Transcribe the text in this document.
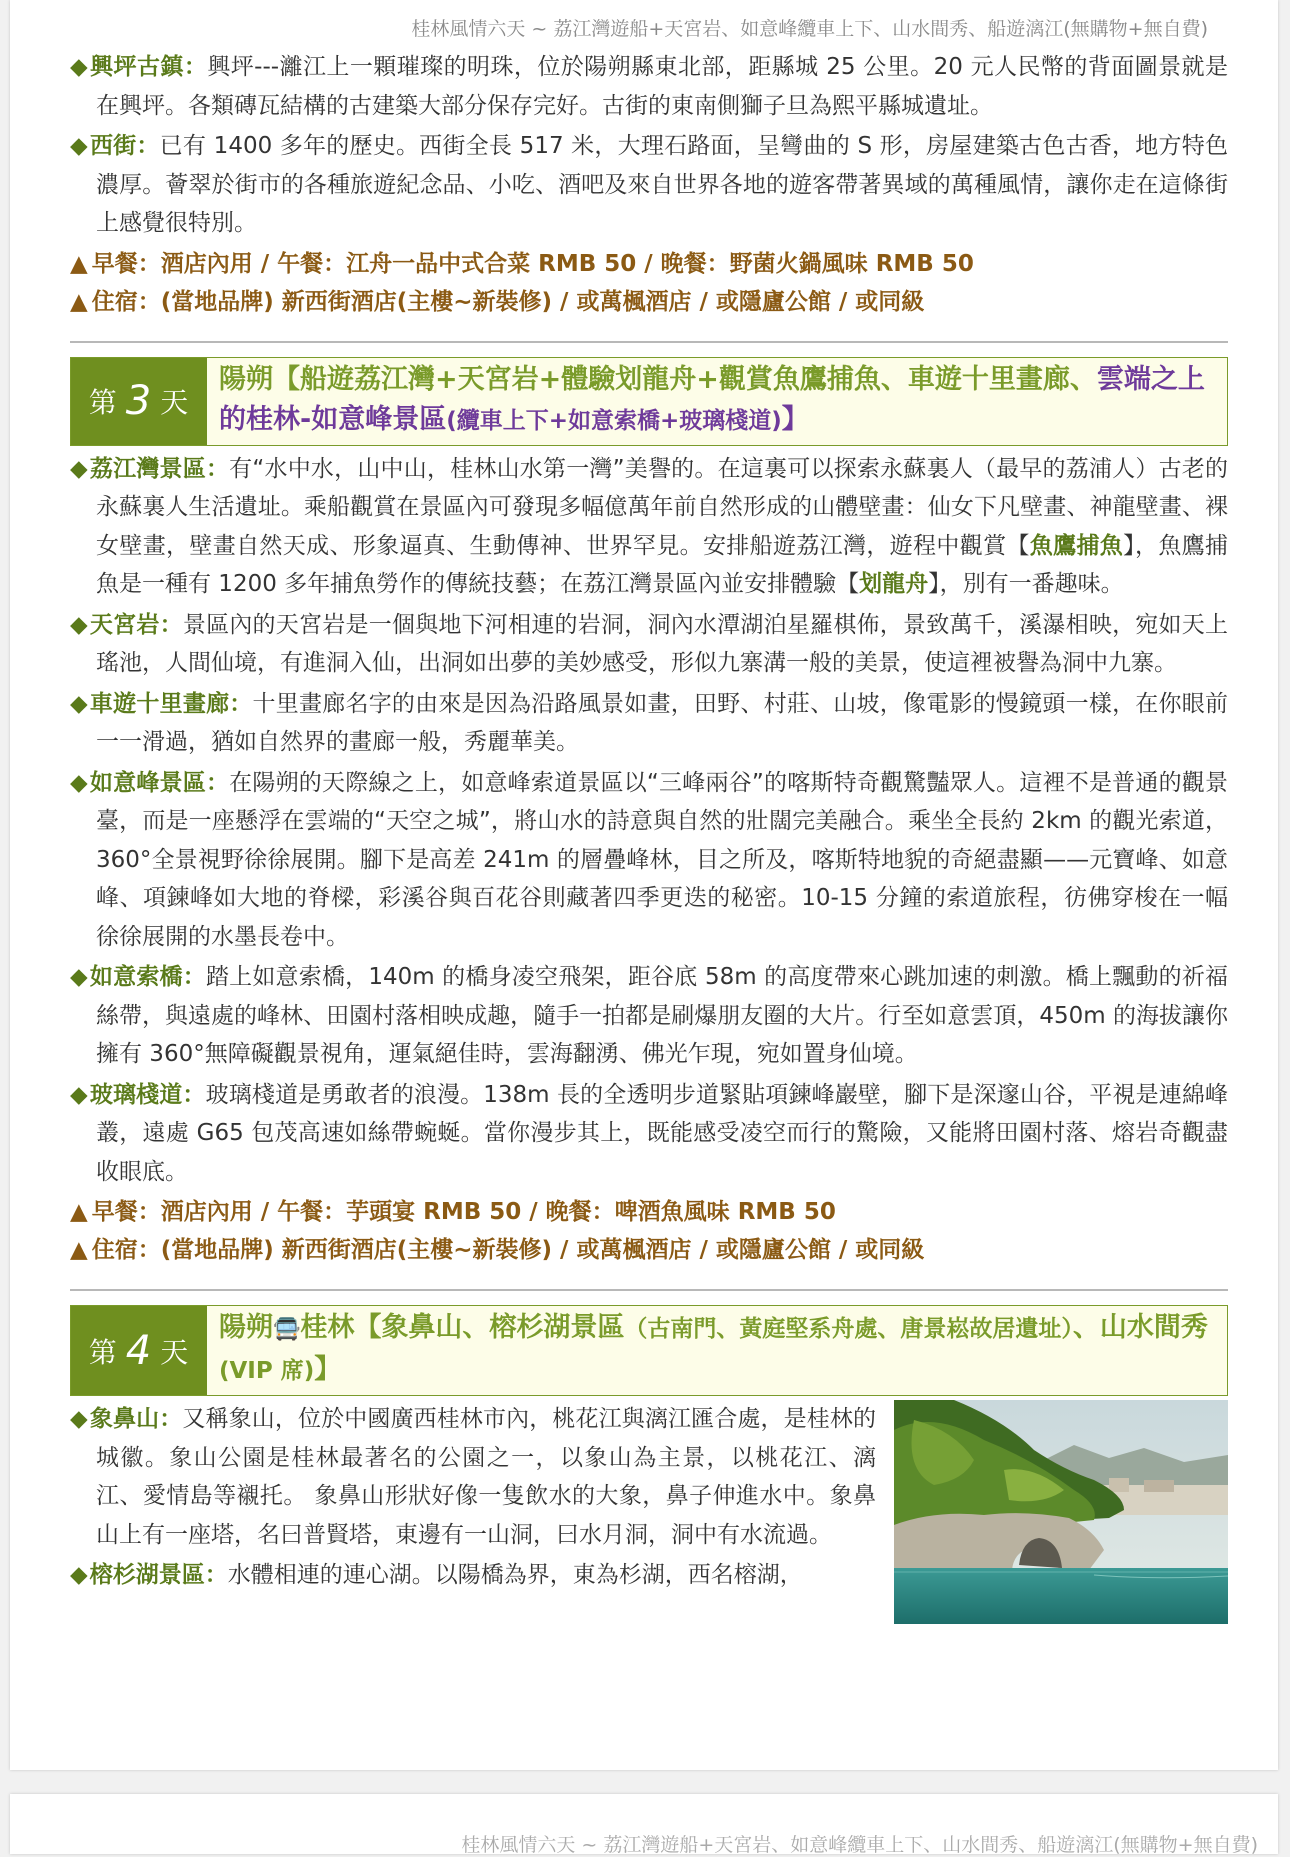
桂林風情六天 ~ 荔江灣遊船+天宮岩、如意峰纜車上下、山水間秀、船遊漓江(無購物+無自費)

◆興坪古鎮：興坪---灕江上一顆璀璨的明珠，位於陽朔縣東北部，距縣城 25 公里。20 元人民幣的背面圖景就是在興坪。各類磚瓦結構的古建築大部分保存完好。古街的東南側獅子旦為熙平縣城遺址。

◆西街：已有 1400 多年的歷史。西街全長 517 米，大理石路面，呈彎曲的 S 形，房屋建築古色古香，地方特色濃厚。薈翠於街市的各種旅遊紀念品、小吃、酒吧及來自世界各地的遊客帶著異域的萬種風情，讓你走在這條街上感覺很特別。

▲ 早餐：酒店內用 / 午餐：江舟一品中式合菜 RMB 50 / 晚餐：野菌火鍋風味 RMB 50

▲ 住宿：(當地品牌) 新西街酒店(主樓~新裝修) / 或萬楓酒店 / 或隱廬公館 / 或同級

第 3 天
陽朔【船遊荔江灣+天宮岩+體驗划龍舟+觀賞魚鷹捕魚、車遊十里畫廊、雲端之上的桂林-如意峰景區(纜車上下+如意索橋+玻璃棧道)】

◆荔江灣景區：有“水中水，山中山，桂林山水第一灣”美譽的。在這裏可以探索永蘇裏人（最早的荔浦人）古老的永蘇裏人生活遺址。乘船觀賞在景區內可發現多幅億萬年前自然形成的山體壁畫：仙女下凡壁畫、神龍壁畫、裸女壁畫，壁畫自然天成、形象逼真、生動傳神、世界罕見。安排船遊荔江灣，遊程中觀賞【魚鷹捕魚】，魚鷹捕魚是一種有 1200 多年捕魚勞作的傳統技藝；在荔江灣景區內並安排體驗【划龍舟】，別有一番趣味。

◆天宮岩：景區內的天宮岩是一個與地下河相連的岩洞，洞內水潭湖泊星羅棋佈，景致萬千，溪瀑相映，宛如天上瑤池，人間仙境，有進洞入仙，出洞如出夢的美妙感受，形似九寨溝一般的美景，使這裡被譽為洞中九寨。

◆車遊十里畫廊：十里畫廊名字的由來是因為沿路風景如畫，田野、村莊、山坡，像電影的慢鏡頭一樣，在你眼前一一滑過，猶如自然界的畫廊一般，秀麗華美。

◆如意峰景區：在陽朔的天際線之上，如意峰索道景區以“三峰兩谷”的喀斯特奇觀驚豔眾人。這裡不是普通的觀景臺，而是一座懸浮在雲端的“天空之城”，將山水的詩意與自然的壯闊完美融合。乘坐全長約 2km 的觀光索道，360°全景視野徐徐展開。腳下是高差 241m 的層疊峰林，目之所及，喀斯特地貌的奇絕盡顯——元寶峰、如意峰、項鍊峰如大地的脊樑，彩溪谷與百花谷則藏著四季更迭的秘密。10-15 分鐘的索道旅程，彷佛穿梭在一幅徐徐展開的水墨長卷中。

◆如意索橋：踏上如意索橋，140m 的橋身凌空飛架，距谷底 58m 的高度帶來心跳加速的刺激。橋上飄動的祈福絲帶，與遠處的峰林、田園村落相映成趣，隨手一拍都是刷爆朋友圈的大片。行至如意雲頂，450m 的海拔讓你擁有 360°無障礙觀景視角，運氣絕佳時，雲海翻湧、佛光乍現，宛如置身仙境。

◆玻璃棧道：玻璃棧道是勇敢者的浪漫。138m 長的全透明步道緊貼項鍊峰巖壁，腳下是深邃山谷，平視是連綿峰叢，遠處 G65 包茂高速如絲帶蜿蜒。當你漫步其上，既能感受凌空而行的驚險，又能將田園村落、熔岩奇觀盡收眼底。

▲ 早餐：酒店內用 / 午餐：芋頭宴 RMB 50 / 晚餐：啤酒魚風味 RMB 50

▲ 住宿：(當地品牌) 新西街酒店(主樓~新裝修) / 或萬楓酒店 / 或隱廬公館 / 或同級

第 4 天
陽朔🚍桂林【象鼻山、榕杉湖景區（古南門、黃庭堅系舟處、唐景崧故居遺址）、山水間秀(VIP 席)】

◆象鼻山：又稱象山，位於中國廣西桂林市內，桃花江與漓江匯合處，是桂林的城徽。象山公園是桂林最著名的公園之一，以象山為主景，以桃花江、漓江、愛情島等襯托。 象鼻山形狀好像一隻飲水的大象，鼻子伸進水中。象鼻山上有一座塔，名曰普賢塔，東邊有一山洞，曰水月洞，洞中有水流過。

◆榕杉湖景區：水體相連的連心湖。以陽橋為界，東為杉湖，西名榕湖，

桂林風情六天 ~ 荔江灣遊船+天宮岩、如意峰纜車上下、山水間秀、船遊漓江(無購物+無自費)
